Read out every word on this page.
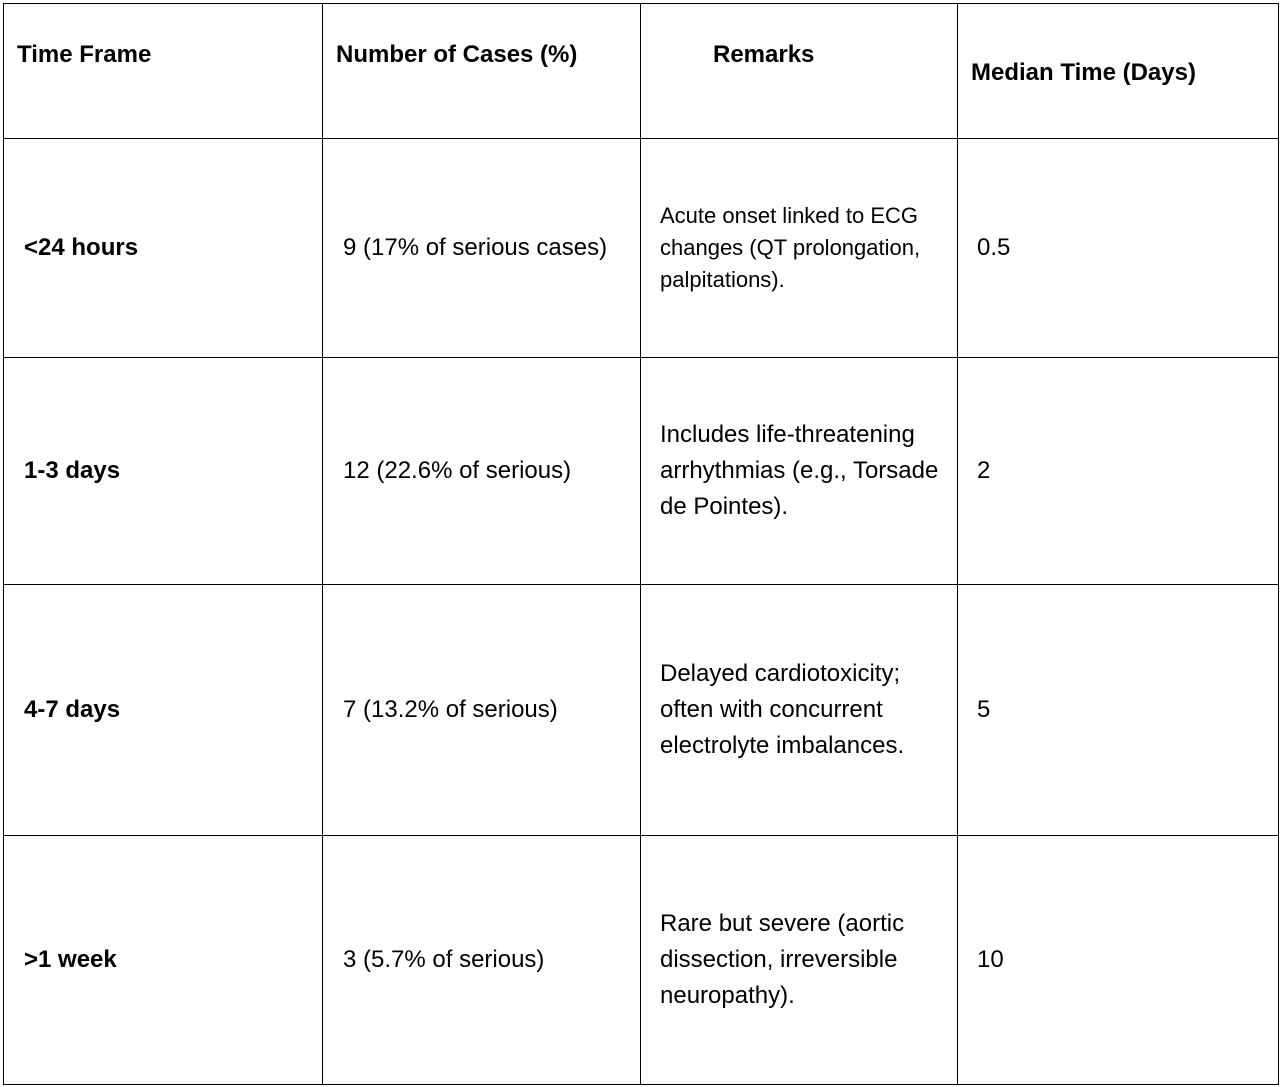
Time Frame	Number of Cases (%)	Remarks	Median Time (Days)

<24 hours	9 (17% of serious cases)	Acute onset linked to ECG changes (QT prolongation, palpitations).	0.5

1-3 days	12 (22.6% of serious)	Includes life-threatening arrhythmias (e.g., Torsade de Pointes).	2

4-7 days	7 (13.2% of serious)	Delayed cardiotoxicity; often with concurrent electrolyte imbalances.	5

>1 week	3 (5.7% of serious)	Rare but severe (aortic dissection, irreversible neuropathy).	10
